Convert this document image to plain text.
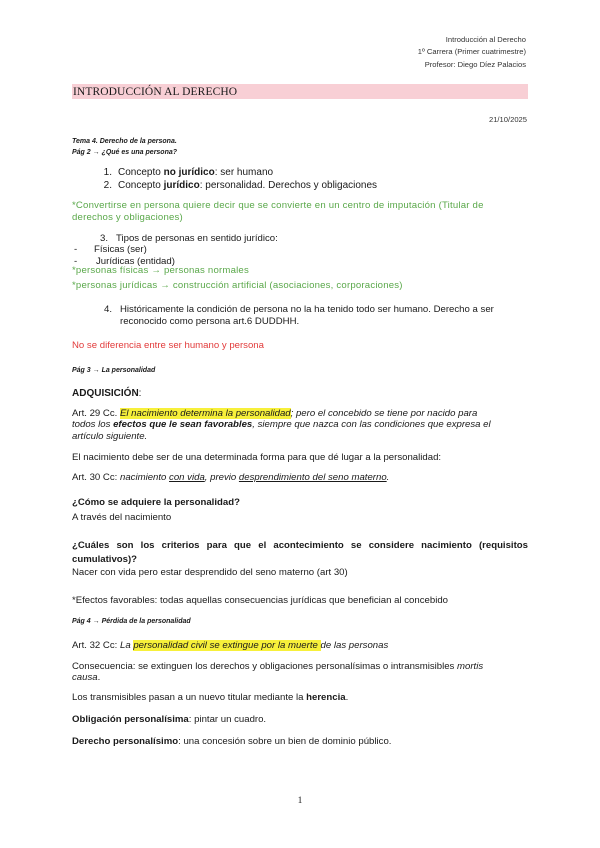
Introducción al Derecho
1º Carrera (Primer cuatrimestre)
Profesor: Diego Díez Palacios
INTRODUCCIÓN AL DERECHO
21/10/2025
Tema 4. Derecho de la persona.
Pág 2 → ¿Qué es una persona?
1. Concepto no jurídico: ser humano
2. Concepto jurídico: personalidad. Derechos y obligaciones
*Convertirse en persona quiere decir que se convierte en un centro de imputación (Titular de
derechos y obligaciones)
3. Tipos de personas en sentido jurídico:
- Físicas (ser)
- Jurídicas (entidad)
*personas físicas → personas normales
*personas jurídicas → construcción artificial (asociaciones, corporaciones)
4. Históricamente la condición de persona no la ha tenido todo ser humano. Derecho a ser
reconocido como persona art.6 DUDDHH.
No se diferencia entre ser humano y persona
Pág 3 → La personalidad
ADQUISICIÓN:
Art. 29 Cc. El nacimiento determina la personalidad; pero el concebido se tiene por nacido para
todos los efectos que le sean favorables, siempre que nazca con las condiciones que expresa el
artículo siguiente.
El nacimiento debe ser de una determinada forma para que dé lugar a la personalidad:
Art. 30 Cc: nacimiento con vida, previo desprendimiento del seno materno.
¿Cómo se adquiere la personalidad?
A través del nacimiento
¿Cuáles son los criterios para que el acontecimiento se considere nacimiento (requisitos
cumulativos)?
Nacer con vida pero estar desprendido del seno materno (art 30)
*Efectos favorables: todas aquellas consecuencias jurídicas que benefician al concebido
Pág 4 → Pérdida de la personalidad
Art. 32 Cc: La personalidad civil se extingue por la muerte de las personas
Consecuencia: se extinguen los derechos y obligaciones personalísimas o intransmisibles mortis
causa.
Los transmisibles pasan a un nuevo titular mediante la herencia.
Obligación personalísima: pintar un cuadro.
Derecho personalísimo: una concesión sobre un bien de dominio público.
1
